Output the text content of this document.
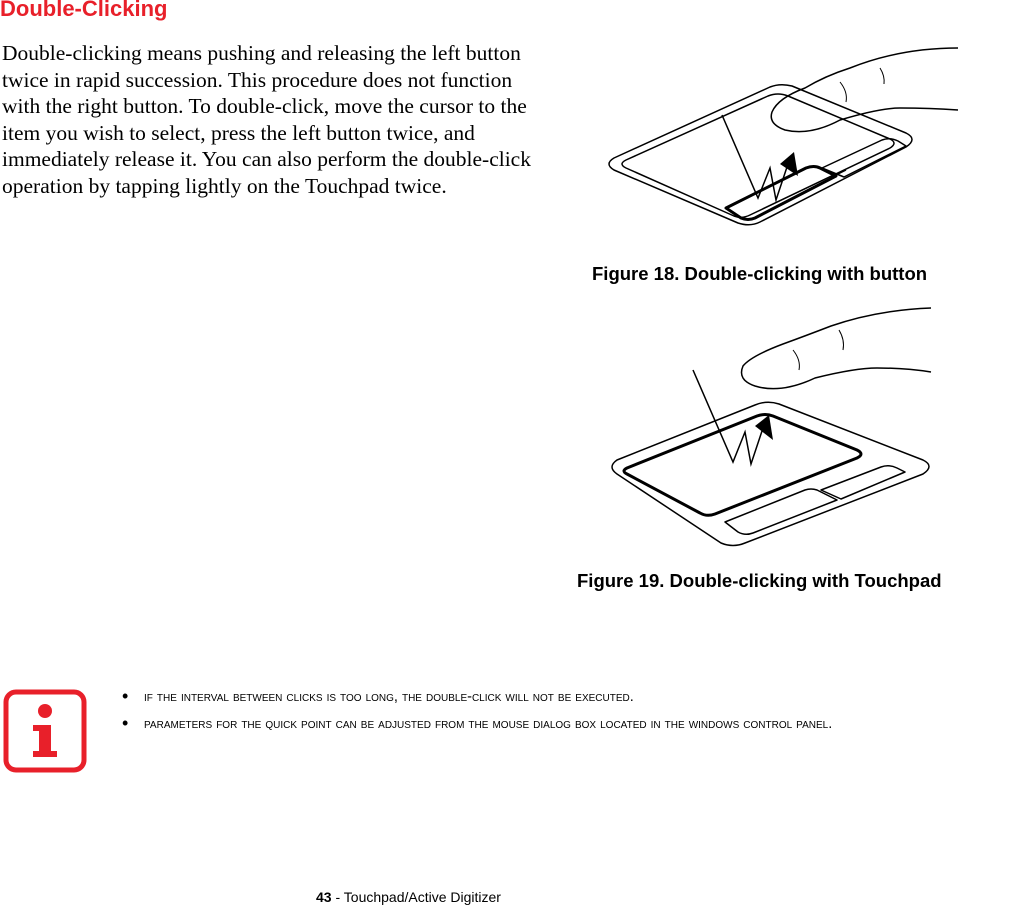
Double-Clicking

Double-clicking means pushing and releasing the left button twice in rapid succession. This procedure does not function with the right button. To double-click, move the cursor to the item you wish to select, press the left button twice, and immediately release it. You can also perform the double-click operation by tapping lightly on the Touchpad twice.

Figure 18. Double-clicking with button

Figure 19. Double-clicking with Touchpad

• if the interval between clicks is too long, the double-click will not be executed.
• parameters for the quick point can be adjusted from the mouse dialog box located in the windows control panel.

43 - Touchpad/Active Digitizer
